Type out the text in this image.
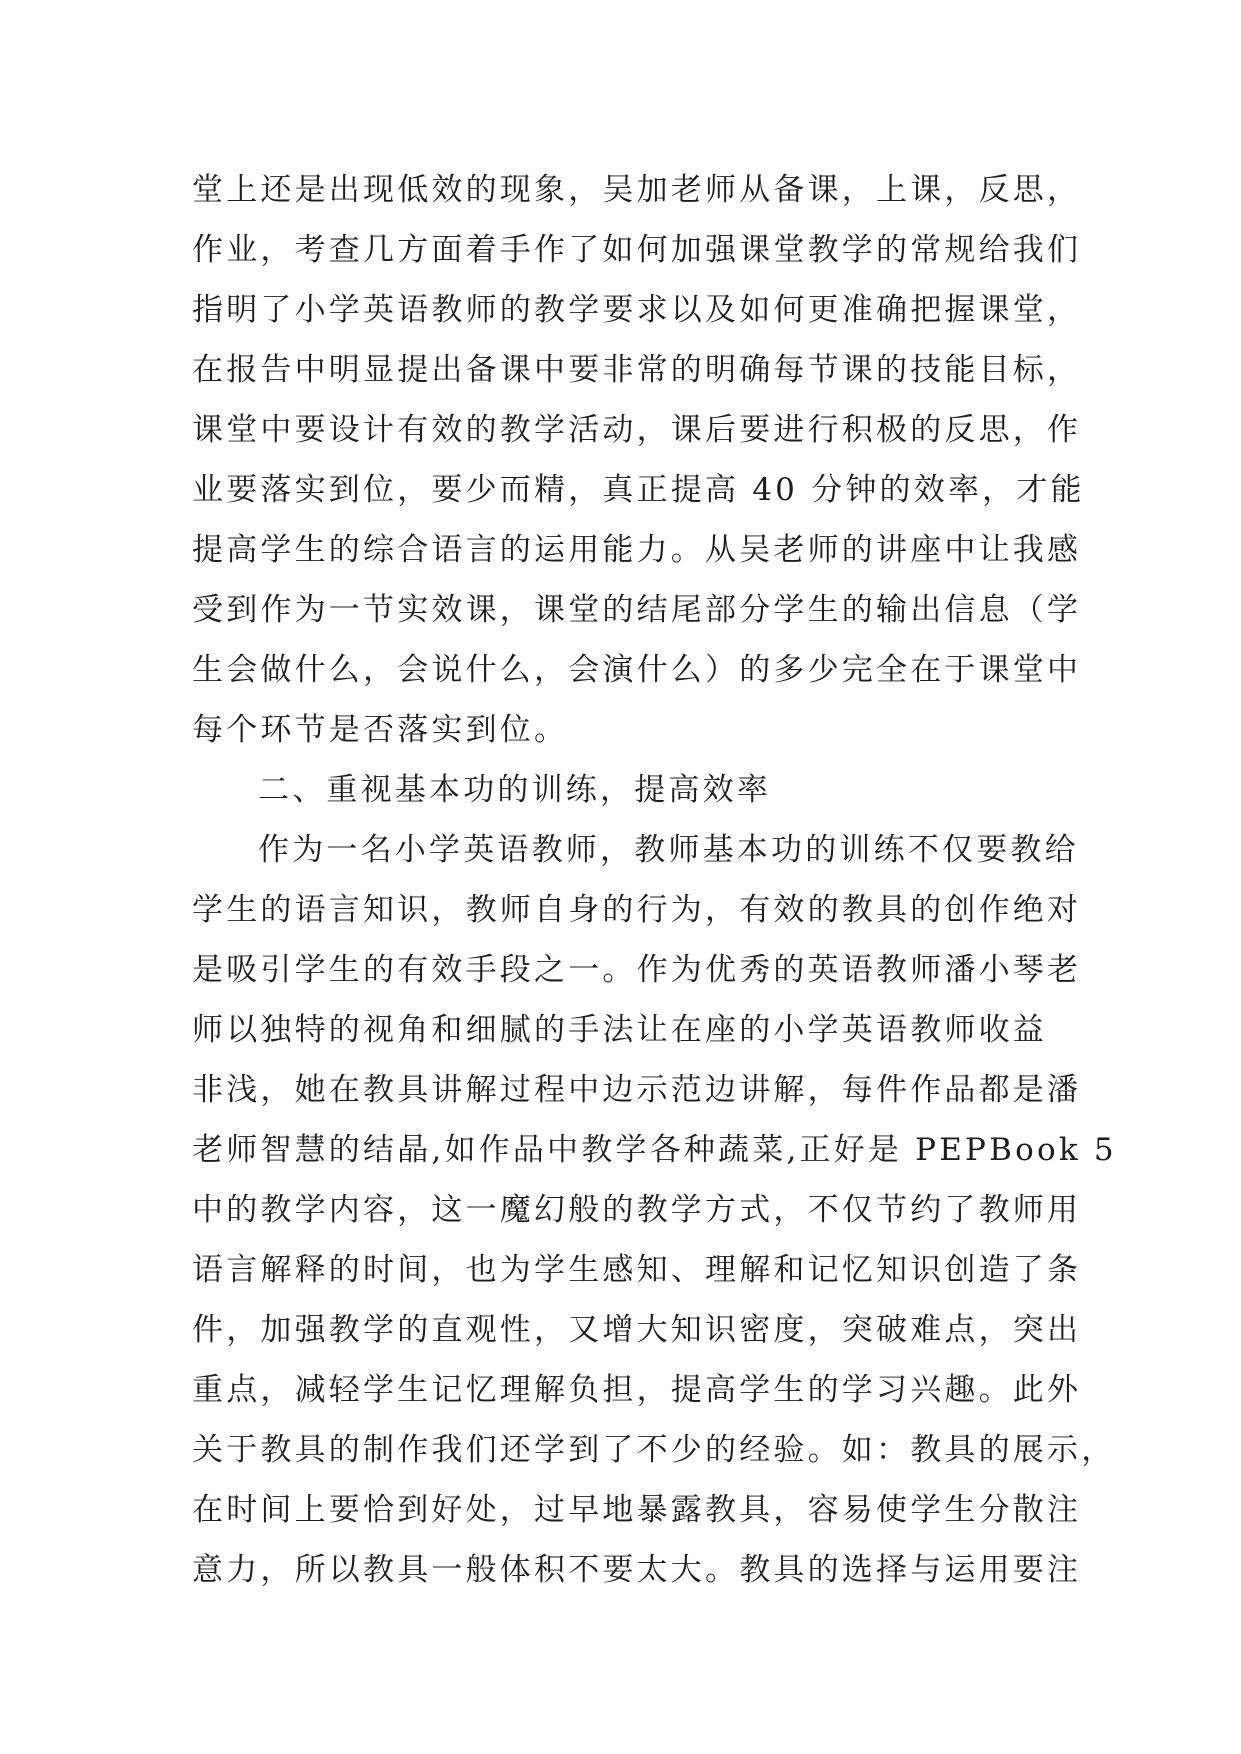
堂上还是出现低效的现象，吴加老师从备课，上课，反思，
作业，考查几方面着手作了如何加强课堂教学的常规给我们
指明了小学英语教师的教学要求以及如何更准确把握课堂，
在报告中明显提出备课中要非常的明确每节课的技能目标，
课堂中要设计有效的教学活动，课后要进行积极的反思，作
业要落实到位，要少而精，真正提高 40 分钟的效率，才能
提高学生的综合语言的运用能力。从吴老师的讲座中让我感
受到作为一节实效课，课堂的结尾部分学生的输出信息（学
生会做什么，会说什么，会演什么）的多少完全在于课堂中
每个环节是否落实到位。
二、重视基本功的训练，提高效率
作为一名小学英语教师，教师基本功的训练不仅要教给
学生的语言知识，教师自身的行为，有效的教具的创作绝对
是吸引学生的有效手段之一。作为优秀的英语教师潘小琴老
师以独特的视角和细腻的手法让在座的小学英语教师收益
非浅，她在教具讲解过程中边示范边讲解，每件作品都是潘
老师智慧的结晶,如作品中教学各种蔬菜,正好是 PEPBook 5
中的教学内容，这一魔幻般的教学方式，不仅节约了教师用
语言解释的时间，也为学生感知、理解和记忆知识创造了条
件，加强教学的直观性，又增大知识密度，突破难点，突出
重点，减轻学生记忆理解负担，提高学生的学习兴趣。此外
关于教具的制作我们还学到了不少的经验。如：教具的展示，
在时间上要恰到好处，过早地暴露教具，容易使学生分散注
意力，所以教具一般体积不要太大。教具的选择与运用要注
